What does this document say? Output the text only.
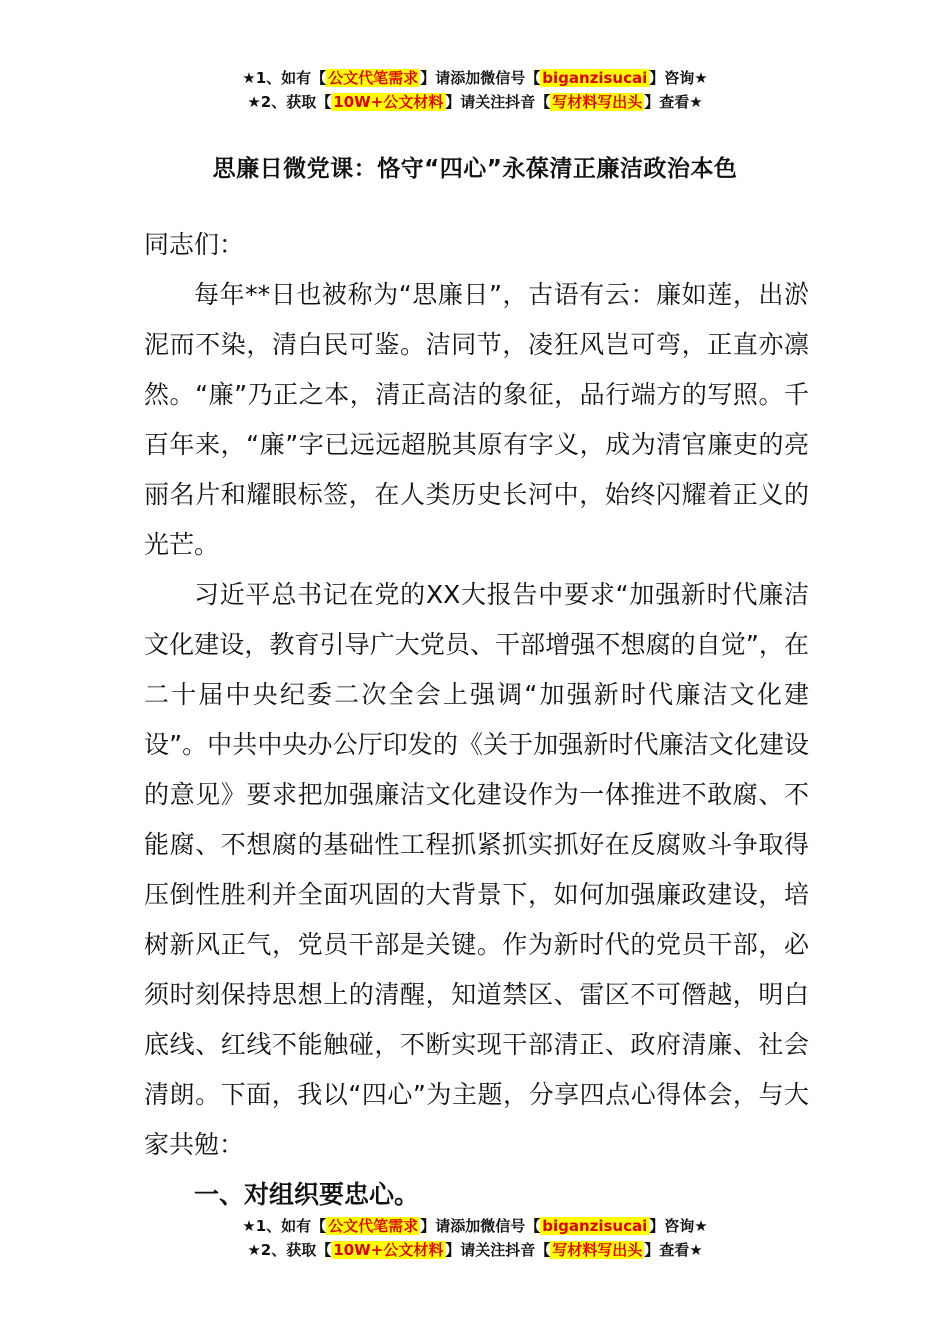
★1、如有【 公文代笔需求 】请添加微信号【 biganzisucai 】咨询★
★2、获取【 10W+公文材料 】请关注抖音【 写材料写出头 】查看★
思廉日微党课：恪守“四心”永葆清正廉洁政治本色

同志们：

每年**日也被称为“思廉日”，古语有云：廉如莲，出淤泥而不染，清白民可鉴。洁同节，凌狂风岂可弯，正直亦凛然。“廉”乃正之本，清正高洁的象征，品行端方的写照。千百年来，“廉”字已远远超脱其原有字义，成为清官廉吏的亮丽名片和耀眼标签，在人类历史长河中，始终闪耀着正义的光芒。

习近平总书记在党的XX大报告中要求“加强新时代廉洁文化建设，教育引导广大党员、干部增强不想腐的自觉”，在二十届中央纪委二次全会上强调“加强新时代廉洁文化建设”。中共中央办公厅印发的《关于加强新时代廉洁文化建设的意见》要求把加强廉洁文化建设作为一体推进不敢腐、不能腐、不想腐的基础性工程抓紧抓实抓好在反腐败斗争取得压倒性胜利并全面巩固的大背景下，如何加强廉政建设，培树新风正气，党员干部是关键。作为新时代的党员干部，必须时刻保持思想上的清醒，知道禁区、雷区不可僭越，明白底线、红线不能触碰，不断实现干部清正、政府清廉、社会清朗。下面，我以“四心”为主题，分享四点心得体会，与大家共勉：

一、对组织要忠心。

★1、如有【 公文代笔需求 】请添加微信号【 biganzisucai 】咨询★
★2、获取【 10W+公文材料 】请关注抖音【 写材料写出头 】查看★
